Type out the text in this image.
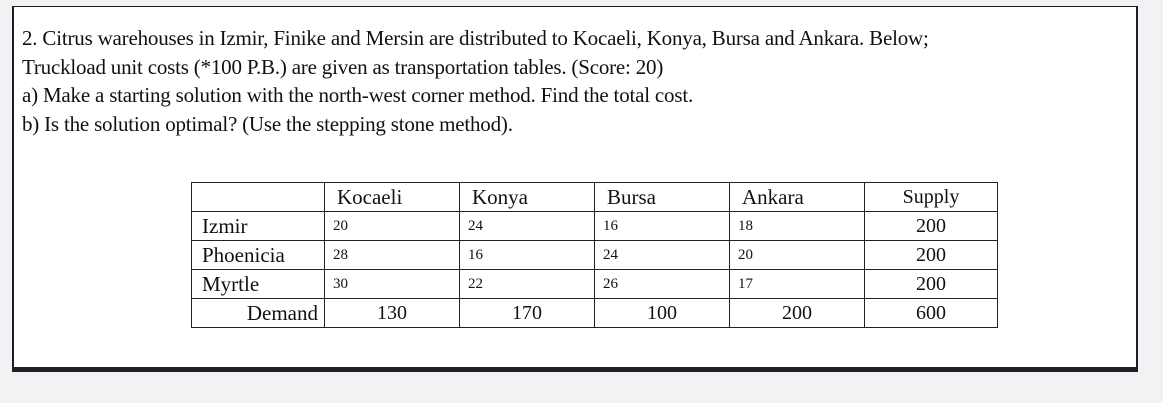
2. Citrus warehouses in Izmir, Finike and Mersin are distributed to Kocaeli, Konya, Bursa and Ankara. Below;
Truckload unit costs (*100 P.B.) are given as transportation tables. (Score: 20)
a) Make a starting solution with the north-west corner method. Find the total cost.
b) Is the solution optimal? (Use the stepping stone method).
	Kocaeli	Konya	Bursa	Ankara	Supply
Izmir	20	24	16	18	200
Phoenicia	28	16	24	20	200
Myrtle	30	22	26	17	200
Demand	130	170	100	200	600
